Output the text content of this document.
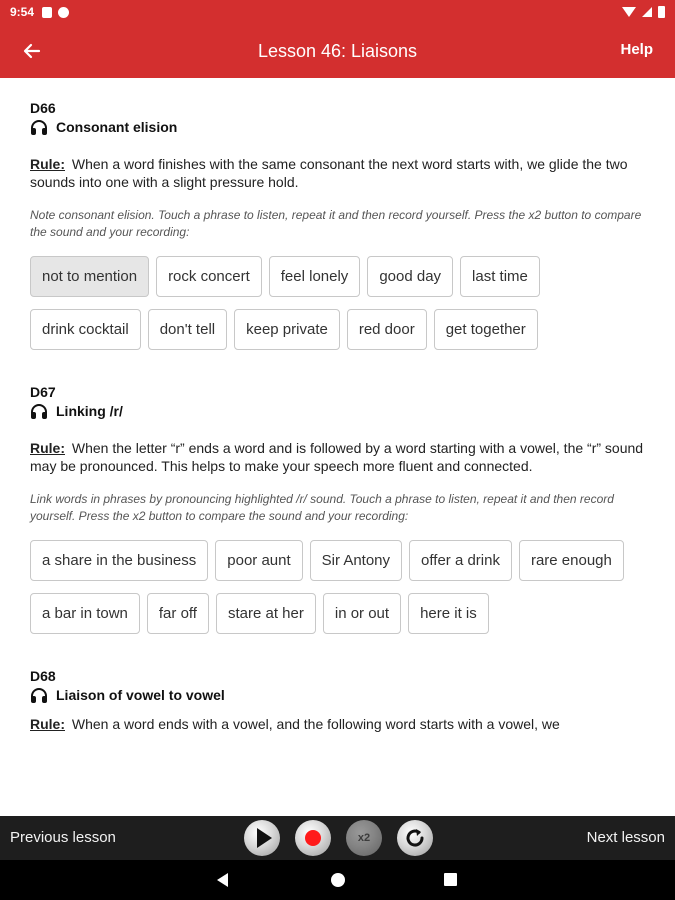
9:54
Lesson 46: Liaisons	Help
D66
Consonant elision
Rule: When a word finishes with the same consonant the next word starts with, we glide the two sounds into one with a slight pressure hold.
Note consonant elision. Touch a phrase to listen, repeat it and then record yourself. Press the x2 button to compare the sound and your recording:
not to mention	rock concert	feel lonely	good day	last time
drink cocktail	don't tell	keep private	red door	get together
D67
Linking /r/
Rule: When the letter “r” ends a word and is followed by a word starting with a vowel, the “r” sound may be pronounced. This helps to make your speech more fluent and connected.
Link words in phrases by pronouncing highlighted /r/ sound. Touch a phrase to listen, repeat it and then record yourself. Press the x2 button to compare the sound and your recording:
a share in the business	poor aunt	Sir Antony	offer a drink	rare enough
a bar in town	far off	stare at her	in or out	here it is
D68
Liaison of vowel to vowel
Rule: When a word ends with a vowel, and the following word starts with a vowel, we
Previous lesson	x2	Next lesson
